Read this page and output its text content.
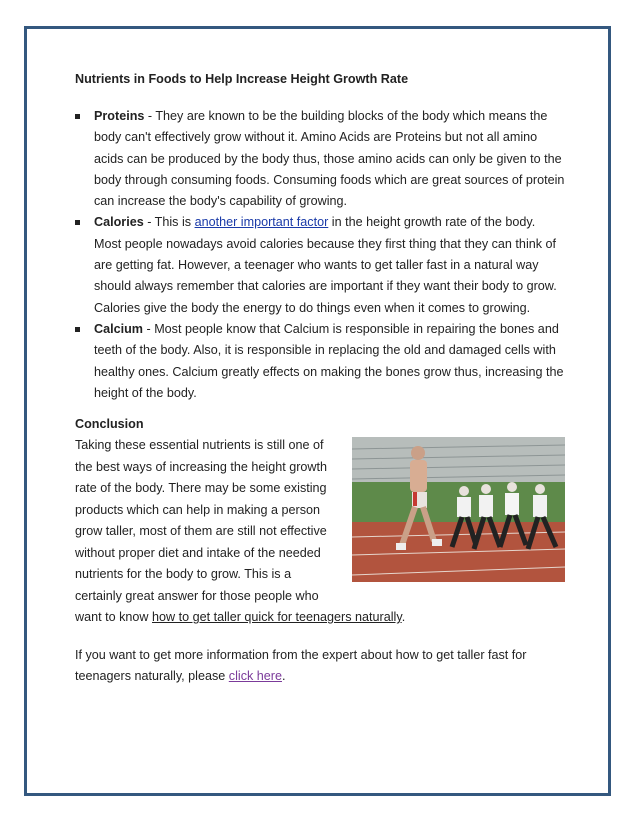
Nutrients in Foods to Help Increase Height Growth Rate

Proteins - They are known to be the building blocks of the body which means the body can't effectively grow without it. Amino Acids are Proteins but not all amino acids can be produced by the body thus, those amino acids can only be given to the body through consuming foods. Consuming foods which are great sources of protein can increase the body's capability of growing.
Calories - This is another important factor in the height growth rate of the body. Most people nowadays avoid calories because they first thing that they can think of are getting fat. However, a teenager who wants to get taller fast in a natural way should always remember that calories are important if they want their body to grow. Calories give the body the energy to do things even when it comes to growing.
Calcium - Most people know that Calcium is responsible in repairing the bones and teeth of the body. Also, it is responsible in replacing the old and damaged cells with healthy ones. Calcium greatly effects on making the bones grow thus, increasing the height of the body.
Conclusion
Taking these essential nutrients is still one of the best ways of increasing the height growth rate of the body. There may be some existing products which can help in making a person grow taller, most of them are still not effective without proper diet and intake of the needed nutrients for the body to grow. This is a certainly great answer for those people who want to know how to get taller quick for teenagers naturally.
If you want to get more information from the expert about how to get taller fast for teenagers naturally, please click here.
